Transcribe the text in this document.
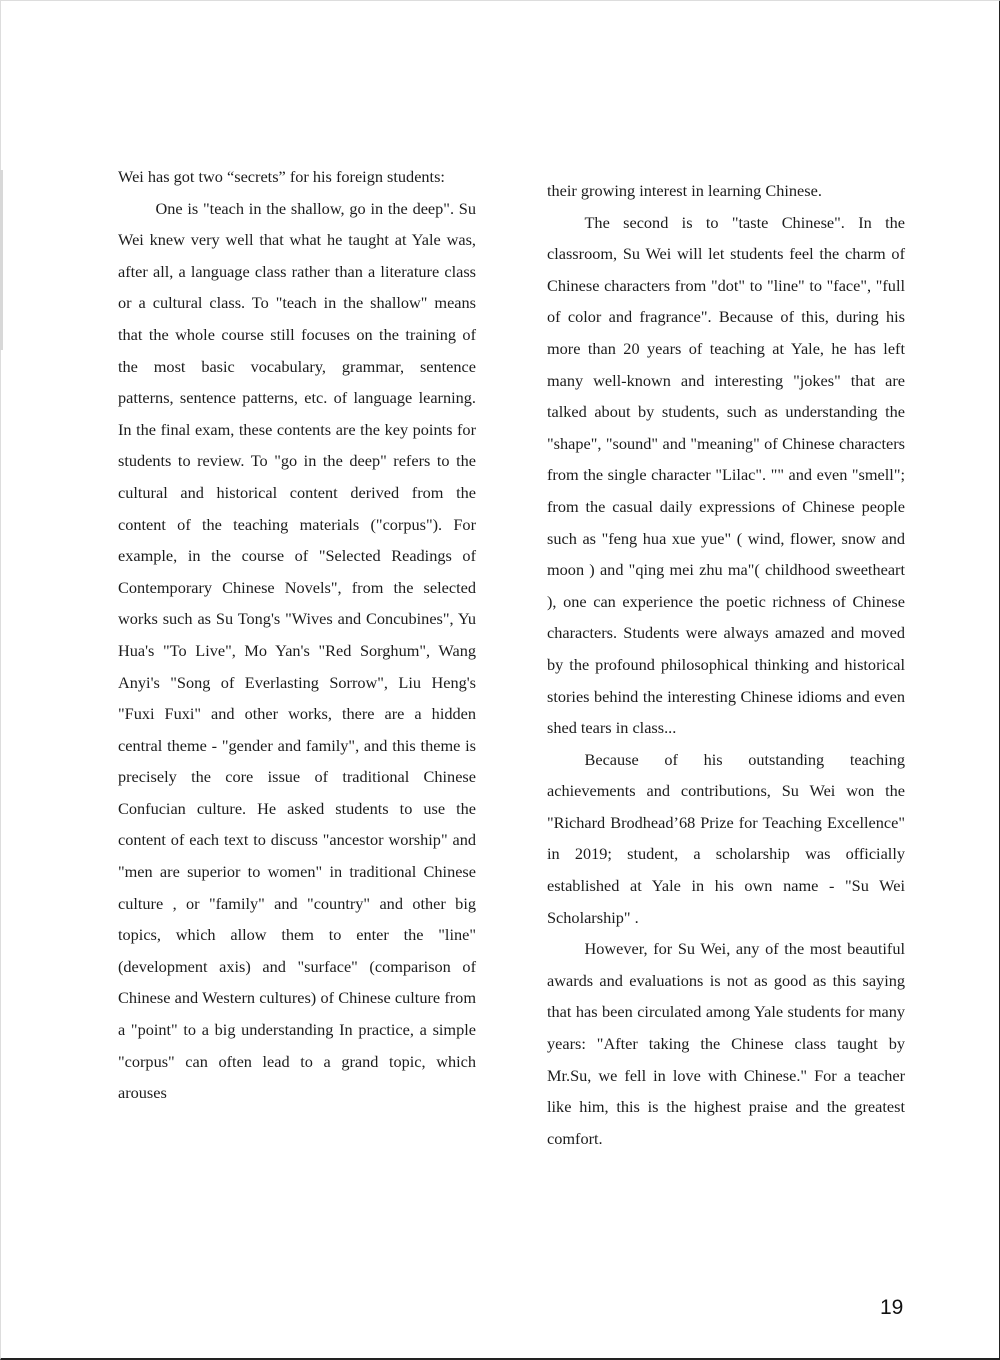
Wei has got two “secrets” for his foreign students:

One is "teach in the shallow, go in the deep". Su Wei knew very well that what he taught at Yale was, after all, a language class rather than a literature class or a cultural class. To "teach in the shallow" means that the whole course still focuses on the training of the most basic vocabulary, grammar, sentence patterns, sentence patterns, etc. of language learning. In the final exam, these contents are the key points for students to review. To "go in the deep" refers to the cultural and historical content derived from the content of the teaching materials ("corpus"). For example, in the course of "Selected Readings of Contemporary Chinese Novels", from the selected works such as Su Tong's "Wives and Concubines", Yu Hua's "To Live", Mo Yan's "Red Sorghum", Wang Anyi's "Song of Everlasting Sorrow", Liu Heng's "Fuxi Fuxi" and other works, there are a hidden central theme - "gender and family", and this theme is precisely the core issue of traditional Chinese Confucian culture. He asked students to use the content of each text to discuss "ancestor worship" and "men are superior to women" in traditional Chinese culture , or "family" and "country" and other big topics, which allow them to enter the "line" (development axis) and "surface" (comparison of Chinese and Western cultures) of Chinese culture from a "point" to a big understanding In practice, a simple "corpus" can often lead to a grand topic, which arouses

their growing interest in learning Chinese.

The second is to "taste Chinese". In the classroom, Su Wei will let students feel the charm of Chinese characters from "dot" to "line" to "face", "full of color and fragrance". Because of this, during his more than 20 years of teaching at Yale, he has left many well-known and interesting "jokes" that are talked about by students, such as understanding the "shape", "sound" and "meaning" of Chinese characters from the single character "Lilac". "" and even "smell"; from the casual daily expressions of Chinese people such as "feng hua xue yue" ( wind, flower, snow and moon ) and "qing mei zhu ma"( childhood sweetheart ), one can experience the poetic richness of Chinese characters. Students were always amazed and moved by the profound philosophical thinking and historical stories behind the interesting Chinese idioms and even shed tears in class...

Because of his outstanding teaching achievements and contributions, Su Wei won the "Richard Brodhead’68 Prize for Teaching Excellence" in 2019; student, a scholarship was officially established at Yale in his own name - "Su Wei Scholarship" .

However, for Su Wei, any of the most beautiful awards and evaluations is not as good as this saying that has been circulated among Yale students for many years: "After taking the Chinese class taught by Mr.Su, we fell in love with Chinese." For a teacher like him, this is the highest praise and the greatest comfort.

19
